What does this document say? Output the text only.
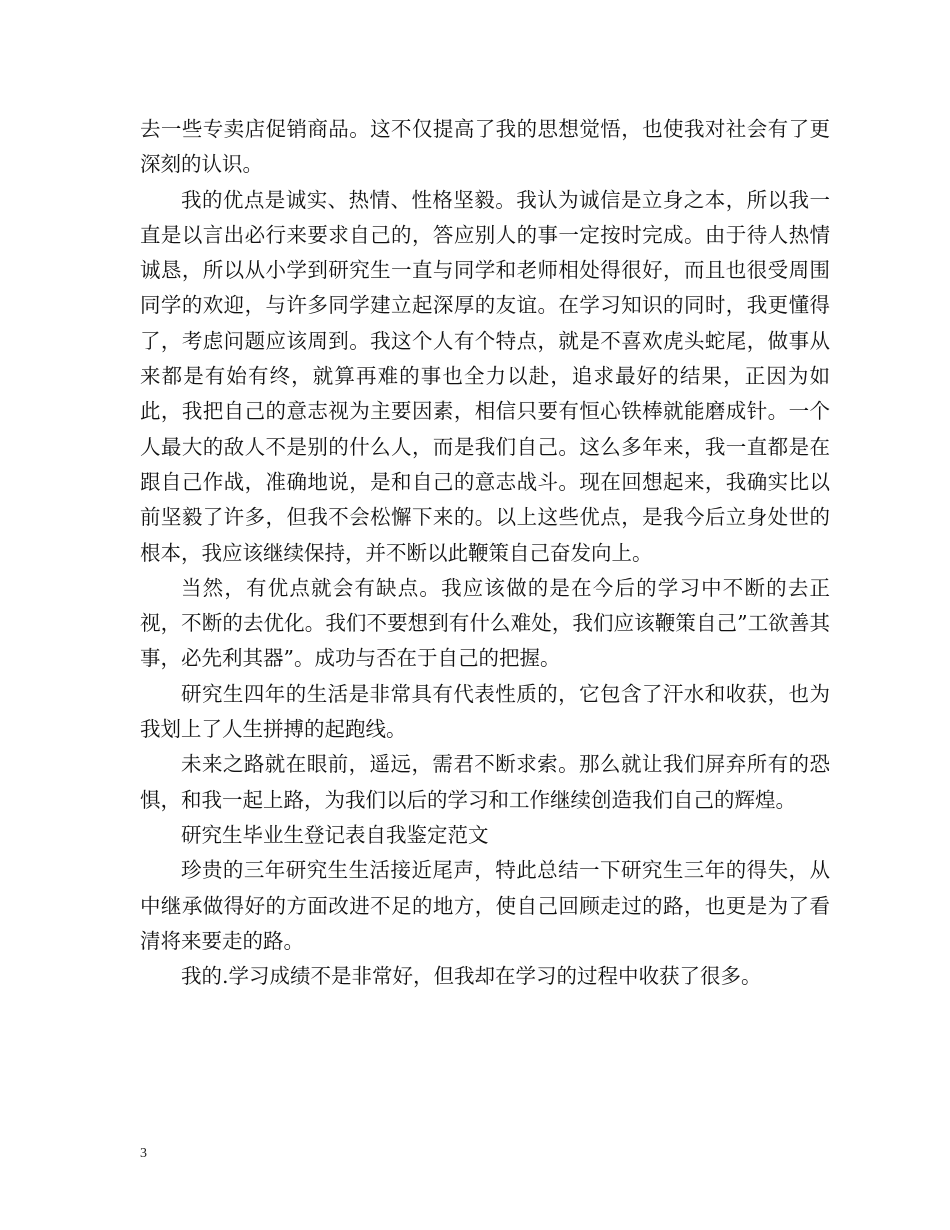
去一些专卖店促销商品。这不仅提高了我的思想觉悟，也使我对社会有了更深刻的认识。

我的优点是诚实、热情、性格坚毅。我认为诚信是立身之本，所以我一直是以言出必行来要求自己的，答应别人的事一定按时完成。由于待人热情诚恳，所以从小学到研究生一直与同学和老师相处得很好，而且也很受周围同学的欢迎，与许多同学建立起深厚的友谊。在学习知识的同时，我更懂得了，考虑问题应该周到。我这个人有个特点，就是不喜欢虎头蛇尾，做事从来都是有始有终，就算再难的事也全力以赴，追求最好的结果，正因为如此，我把自己的意志视为主要因素，相信只要有恒心铁棒就能磨成针。一个人最大的敌人不是别的什么人，而是我们自己。这么多年来，我一直都是在跟自己作战，准确地说，是和自己的意志战斗。现在回想起来，我确实比以前坚毅了许多，但我不会松懈下来的。以上这些优点，是我今后立身处世的根本，我应该继续保持，并不断以此鞭策自己奋发向上。

当然，有优点就会有缺点。我应该做的是在今后的学习中不断的去正视，不断的去优化。我们不要想到有什么难处，我们应该鞭策自己”工欲善其事，必先利其器”。成功与否在于自己的把握。

研究生四年的生活是非常具有代表性质的，它包含了汗水和收获，也为我划上了人生拼搏的起跑线。

未来之路就在眼前，遥远，需君不断求索。那么就让我们屏弃所有的恐惧，和我一起上路，为我们以后的学习和工作继续创造我们自己的辉煌。

研究生毕业生登记表自我鉴定范文

珍贵的三年研究生生活接近尾声，特此总结一下研究生三年的得失，从中继承做得好的方面改进不足的地方，使自己回顾走过的路，也更是为了看清将来要走的路。

我的.学习成绩不是非常好，但我却在学习的过程中收获了很多。

3
